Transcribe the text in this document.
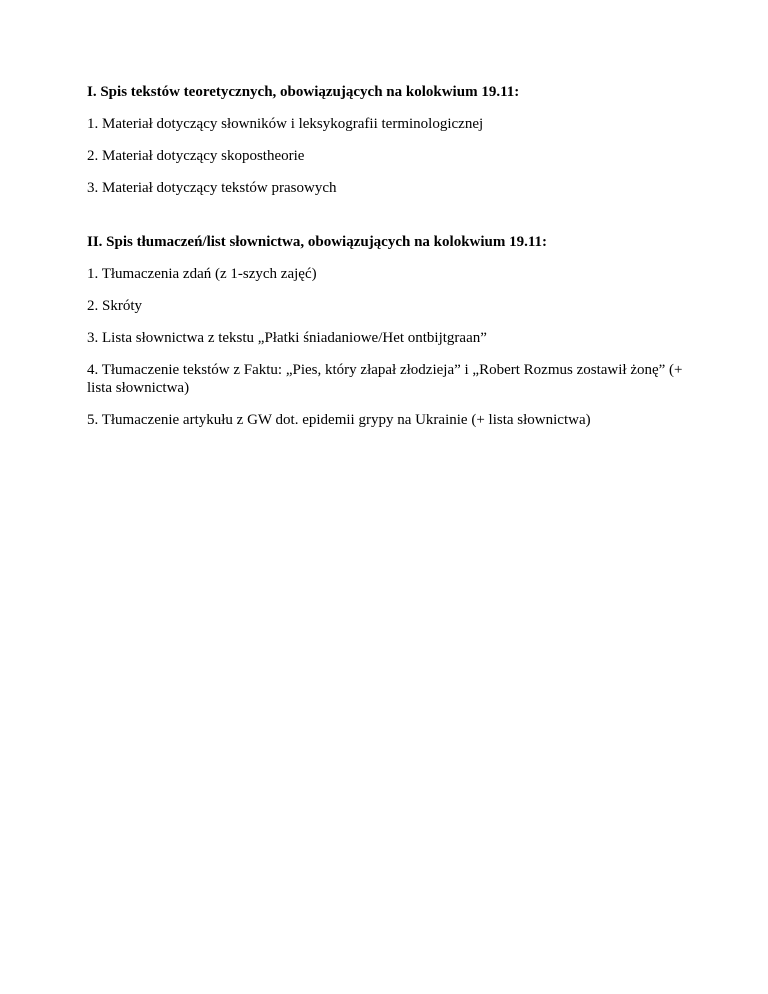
I. Spis tekstów teoretycznych, obowiązujących na kolokwium 19.11:
1. Materiał dotyczący słowników i leksykografii terminologicznej
2. Materiał dotyczący skopostheorie
3. Materiał dotyczący tekstów prasowych
II. Spis tłumaczeń/list słownictwa, obowiązujących na kolokwium 19.11:
1. Tłumaczenia zdań (z 1-szych zajęć)
2. Skróty
3. Lista słownictwa z tekstu „Płatki śniadaniowe/Het ontbijtgraan”
4. Tłumaczenie tekstów z Faktu: „Pies, który złapał złodzieja” i „Robert Rozmus zostawił żonę” (+ lista słownictwa)
5. Tłumaczenie artykułu z GW dot. epidemii grypy na Ukrainie (+ lista słownictwa)
